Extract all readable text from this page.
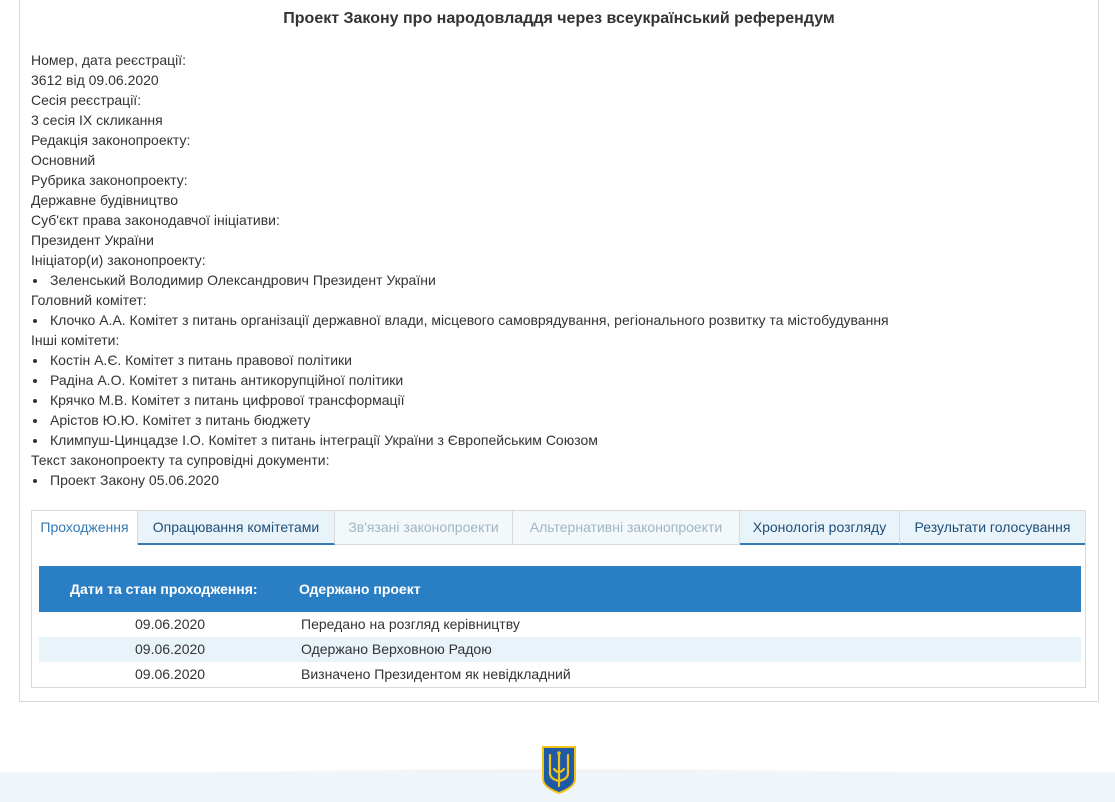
Проект Закону про народовладдя через всеукраїнський референдум
Номер, дата реєстрації:
3612 від 09.06.2020
Сесія реєстрації:
3 сесія IX скликання
Редакція законопроекту:
Основний
Рубрика законопроекту:
Державне будівництво
Суб'єкт права законодавчої ініціативи:
Президент України
Ініціатор(и) законопроекту:
Зеленський Володимир Олександрович Президент України
Головний комітет:
Клочко А.А. Комітет з питань організації державної влади, місцевого самоврядування, регіонального розвитку та містобудування
Інші комітети:
Костін А.Є. Комітет з питань правової політики
Радіна А.О. Комітет з питань антикорупційної політики
Крячко М.В. Комітет з питань цифрової трансформації
Арістов Ю.Ю. Комітет з питань бюджету
Климпуш-Цинцадзе І.О. Комітет з питань інтеграції України з Європейським Союзом
Текст законопроекту та супровідні документи:
Проект Закону 05.06.2020
Проходження	Опрацювання комітетами	Зв'язані законопроекти	Альтернативні законопроекти	Хронологія розгляду	Результати голосування
Дати та стан проходження:	Одержано проект
09.06.2020	Передано на розгляд керівництву
09.06.2020	Одержано Верховною Радою
09.06.2020	Визначено Президентом як невідкладний
